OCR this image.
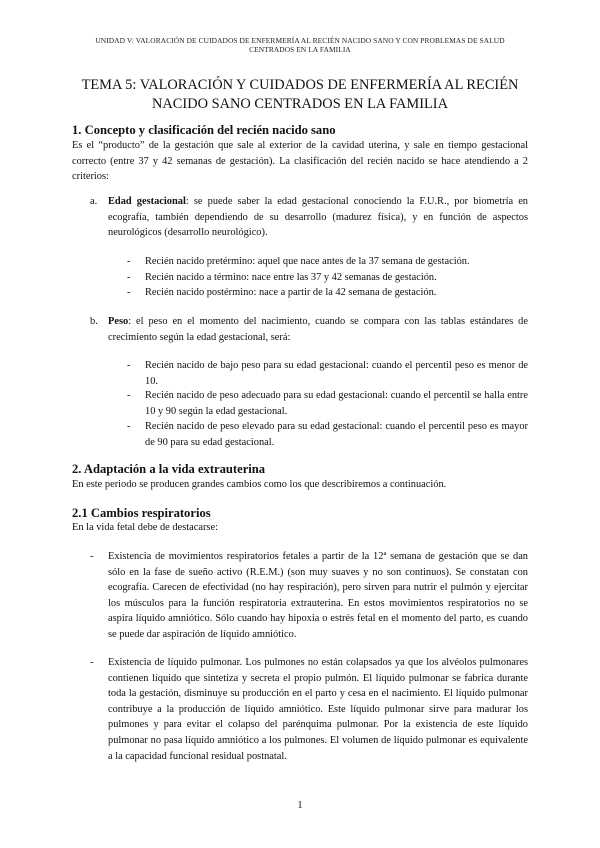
UNIDAD V: VALORACIÓN DE CUIDADOS DE ENFERMERÍA AL RECIÉN NACIDO SANO Y CON PROBLEMAS DE SALUD CENTRADOS EN LA FAMILIA
TEMA 5: VALORACIÓN Y CUIDADOS DE ENFERMERÍA AL RECIÉN
NACIDO SANO CENTRADOS EN LA FAMILIA
1. Concepto y clasificación del recién nacido sano

Es el “producto” de la gestación que sale al exterior de la cavidad uterina, y sale en tiempo gestacional correcto (entre 37 y 42 semanas de gestación). La clasificación del recién nacido se hace atendiendo a 2 criterios:

a. Edad gestacional: se puede saber la edad gestacional conociendo la F.U.R., por biometría en ecografía, también dependiendo de su desarrollo (madurez física), y en función de aspectos neurológicos (desarrollo neurológico).

- Recién nacido pretérmino: aquel que nace antes de la 37 semana de gestación.

- Recién nacido a término: nace entre las 37 y 42 semanas de gestación.

- Recién nacido postérmino: nace a partir de la 42 semana de gestación.

b. Peso: el peso en el momento del nacimiento, cuando se compara con las tablas estándares de crecimiento según la edad gestacional, será:

- Recién nacido de bajo peso para su edad gestacional: cuando el percentil peso es menor de 10.

- Recién nacido de peso adecuado para su edad gestacional: cuando el percentil se halla entre 10 y 90 según la edad gestacional.

- Recién nacido de peso elevado para su edad gestacional: cuando el percentil peso es mayor de 90 para su edad gestacional.

2. Adaptación a la vida extrauterina

En este periodo se producen grandes cambios como los que describiremos a continuación.

2.1 Cambios respiratorios

En la vida fetal debe de destacarse:

- Existencia de movimientos respiratorios fetales a partir de la 12ª semana de gestación que se dan sólo en la fase de sueño activo (R.E.M.) (son muy suaves y no son continuos). Se constatan con ecografía. Carecen de efectividad (no hay respiración), pero sirven para nutrir el pulmón y ejercitar los músculos para la función respiratoria extrauterina. En estos movimientos respiratorios no se aspira líquido amniótico. Sólo cuando hay hipoxia o estrés fetal en el momento del parto, es cuando se puede dar aspiración de líquido amniótico.

- Existencia de líquido pulmonar. Los pulmones no están colapsados ya que los alvéolos pulmonares contienen líquido que sintetiza y secreta el propio pulmón. El líquido pulmonar se fabrica durante toda la gestación, disminuye su producción en el parto y cesa en el nacimiento. El líquido pulmonar contribuye a la producción de líquido amniótico. Este líquido pulmonar sirve para madurar los pulmones y para evitar el colapso del parénquima pulmonar. Por la existencia de este líquido pulmonar no pasa líquido amniótico a los pulmones. El volumen de líquido pulmonar es equivalente a la capacidad funcional residual postnatal.

1
